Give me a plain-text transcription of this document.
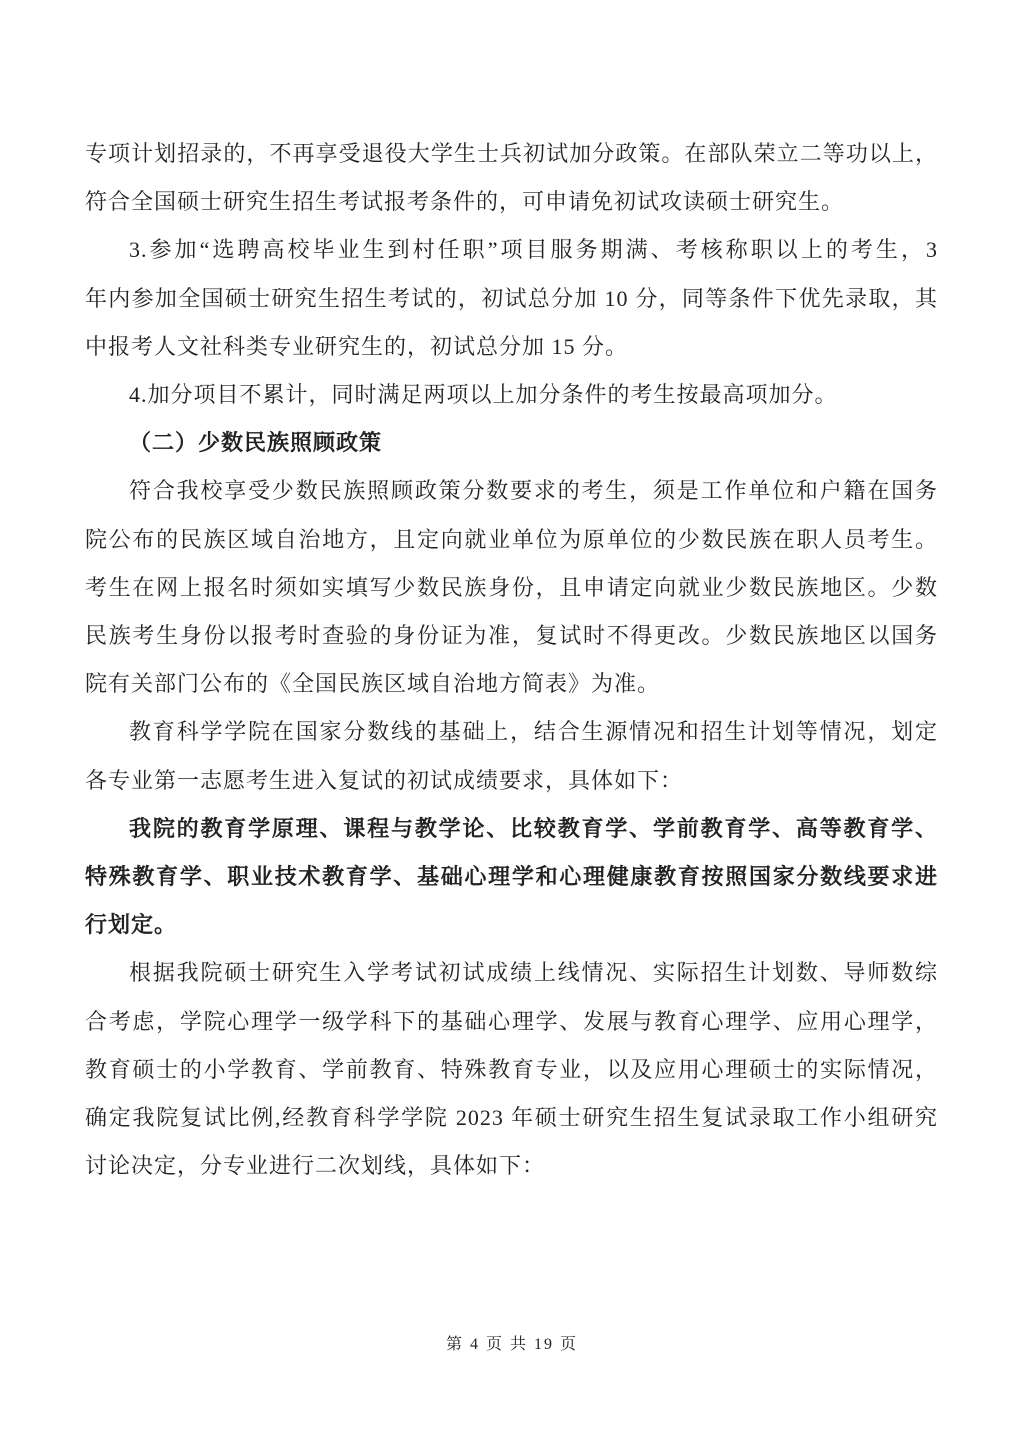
专项计划招录的，不再享受退役大学生士兵初试加分政策。在部队荣立二等功以上，
符合全国硕士研究生招生考试报考条件的，可申请免初试攻读硕士研究生。
3.参加“选聘高校毕业生到村任职”项目服务期满、考核称职以上的考生，3
年内参加全国硕士研究生招生考试的，初试总分加 10 分，同等条件下优先录取，其
中报考人文社科类专业研究生的，初试总分加 15 分。
4.加分项目不累计，同时满足两项以上加分条件的考生按最高项加分。
（二）少数民族照顾政策
符合我校享受少数民族照顾政策分数要求的考生，须是工作单位和户籍在国务
院公布的民族区域自治地方，且定向就业单位为原单位的少数民族在职人员考生。
考生在网上报名时须如实填写少数民族身份，且申请定向就业少数民族地区。少数
民族考生身份以报考时查验的身份证为准，复试时不得更改。少数民族地区以国务
院有关部门公布的《全国民族区域自治地方简表》为准。
教育科学学院在国家分数线的基础上，结合生源情况和招生计划等情况，划定
各专业第一志愿考生进入复试的初试成绩要求，具体如下：
我院的教育学原理、课程与教学论、比较教育学、学前教育学、高等教育学、
特殊教育学、职业技术教育学、基础心理学和心理健康教育按照国家分数线要求进
行划定。
根据我院硕士研究生入学考试初试成绩上线情况、实际招生计划数、导师数综
合考虑，学院心理学一级学科下的基础心理学、发展与教育心理学、应用心理学，
教育硕士的小学教育、学前教育、特殊教育专业，以及应用心理硕士的实际情况，
确定我院复试比例,经教育科学学院 2023 年硕士研究生招生复试录取工作小组研究
讨论决定，分专业进行二次划线，具体如下：
第 4 页 共 19 页
